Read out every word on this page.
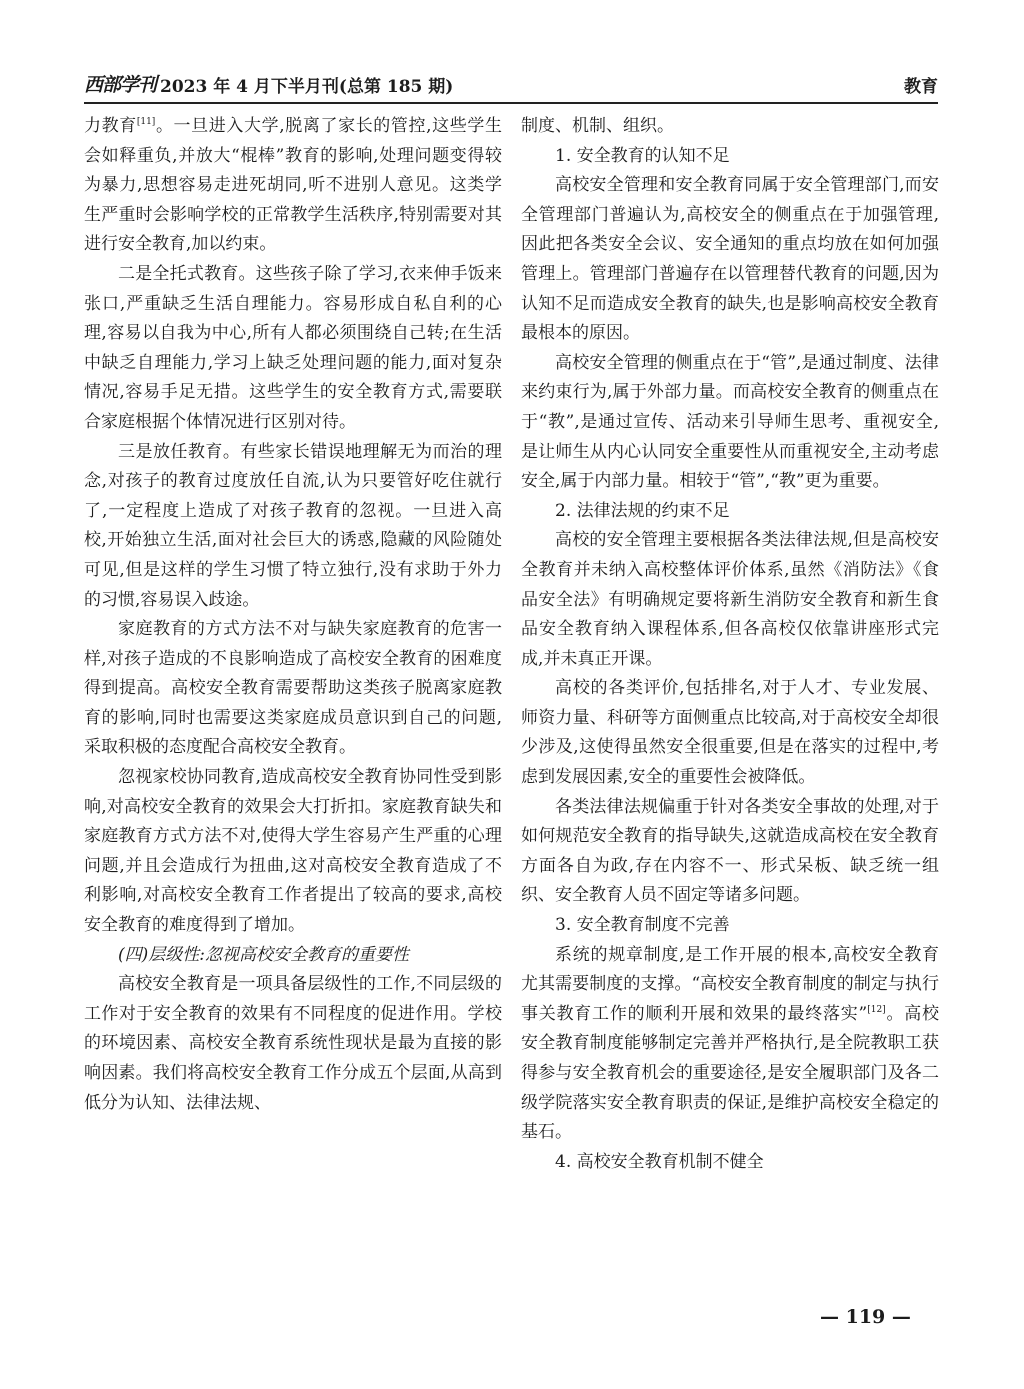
西部学刊 2023 年 4 月下半月刊(总第 185 期)	教育

力教育[11]。一旦进入大学,脱离了家长的管控,这些学生会如释重负,并放大“棍棒”教育的影响,处理问题变得较为暴力,思想容易走进死胡同,听不进别人意见。这类学生严重时会影响学校的正常教学生活秩序,特别需要对其进行安全教育,加以约束。

二是全托式教育。这些孩子除了学习,衣来伸手饭来张口,严重缺乏生活自理能力。容易形成自私自利的心理,容易以自我为中心,所有人都必须围绕自己转;在生活中缺乏自理能力,学习上缺乏处理问题的能力,面对复杂情况,容易手足无措。这些学生的安全教育方式,需要联合家庭根据个体情况进行区别对待。

三是放任教育。有些家长错误地理解无为而治的理念,对孩子的教育过度放任自流,认为只要管好吃住就行了,一定程度上造成了对孩子教育的忽视。一旦进入高校,开始独立生活,面对社会巨大的诱惑,隐藏的风险随处可见,但是这样的学生习惯了特立独行,没有求助于外力的习惯,容易误入歧途。

家庭教育的方式方法不对与缺失家庭教育的危害一样,对孩子造成的不良影响造成了高校安全教育的困难度得到提高。高校安全教育需要帮助这类孩子脱离家庭教育的影响,同时也需要这类家庭成员意识到自己的问题,采取积极的态度配合高校安全教育。

忽视家校协同教育,造成高校安全教育协同性受到影响,对高校安全教育的效果会大打折扣。家庭教育缺失和家庭教育方式方法不对,使得大学生容易产生严重的心理问题,并且会造成行为扭曲,这对高校安全教育造成了不利影响,对高校安全教育工作者提出了较高的要求,高校安全教育的难度得到了增加。

(四)层级性:忽视高校安全教育的重要性

高校安全教育是一项具备层级性的工作,不同层级的工作对于安全教育的效果有不同程度的促进作用。学校的环境因素、高校安全教育系统性现状是最为直接的影响因素。我们将高校安全教育工作分成五个层面,从高到低分为认知、法律法规、

制度、机制、组织。

1. 安全教育的认知不足

高校安全管理和安全教育同属于安全管理部门,而安全管理部门普遍认为,高校安全的侧重点在于加强管理,因此把各类安全会议、安全通知的重点均放在如何加强管理上。管理部门普遍存在以管理替代教育的问题,因为认知不足而造成安全教育的缺失,也是影响高校安全教育最根本的原因。

高校安全管理的侧重点在于“管”,是通过制度、法律来约束行为,属于外部力量。而高校安全教育的侧重点在于“教”,是通过宣传、活动来引导师生思考、重视安全,是让师生从内心认同安全重要性从而重视安全,主动考虑安全,属于内部力量。相较于“管”,“教”更为重要。

2. 法律法规的约束不足

高校的安全管理主要根据各类法律法规,但是高校安全教育并未纳入高校整体评价体系,虽然《消防法》《食品安全法》有明确规定要将新生消防安全教育和新生食品安全教育纳入课程体系,但各高校仅依靠讲座形式完成,并未真正开课。

高校的各类评价,包括排名,对于人才、专业发展、师资力量、科研等方面侧重点比较高,对于高校安全却很少涉及,这使得虽然安全很重要,但是在落实的过程中,考虑到发展因素,安全的重要性会被降低。

各类法律法规偏重于针对各类安全事故的处理,对于如何规范安全教育的指导缺失,这就造成高校在安全教育方面各自为政,存在内容不一、形式呆板、缺乏统一组织、安全教育人员不固定等诸多问题。

3. 安全教育制度不完善

系统的规章制度,是工作开展的根本,高校安全教育尤其需要制度的支撑。“高校安全教育制度的制定与执行事关教育工作的顺利开展和效果的最终落实”[12]。高校安全教育制度能够制定完善并严格执行,是全院教职工获得参与安全教育机会的重要途径,是安全履职部门及各二级学院落实安全教育职责的保证,是维护高校安全稳定的基石。

4. 高校安全教育机制不健全

— 119 —
